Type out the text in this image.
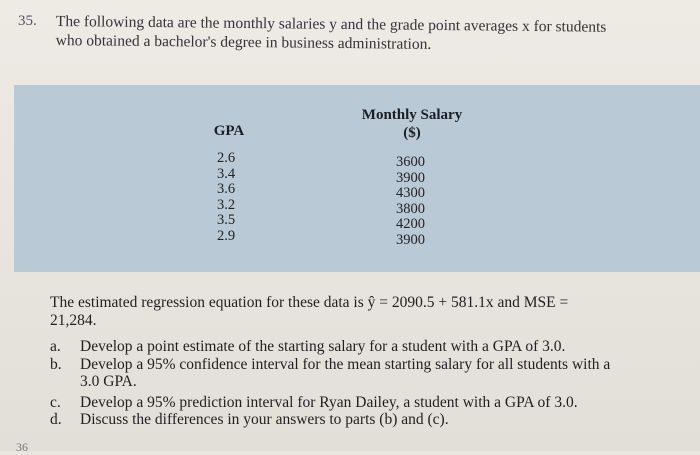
35. The following data are the monthly salaries y and the grade point averages x for students
who obtained a bachelor's degree in business administration.
GPA
Monthly Salary
($)
2.6
3.4
3.6
3.2
3.5
2.9
3600
3900
4300
3800
4200
3900
The estimated regression equation for these data is ŷ = 2090.5 + 581.1x and MSE =
21,284.
a. Develop a point estimate of the starting salary for a student with a GPA of 3.0.
b. Develop a 95% confidence interval for the mean starting salary for all students with a
3.0 GPA.
c. Develop a 95% prediction interval for Ryan Dailey, a student with a GPA of 3.0.
d. Discuss the differences in your answers to parts (b) and (c).
36
